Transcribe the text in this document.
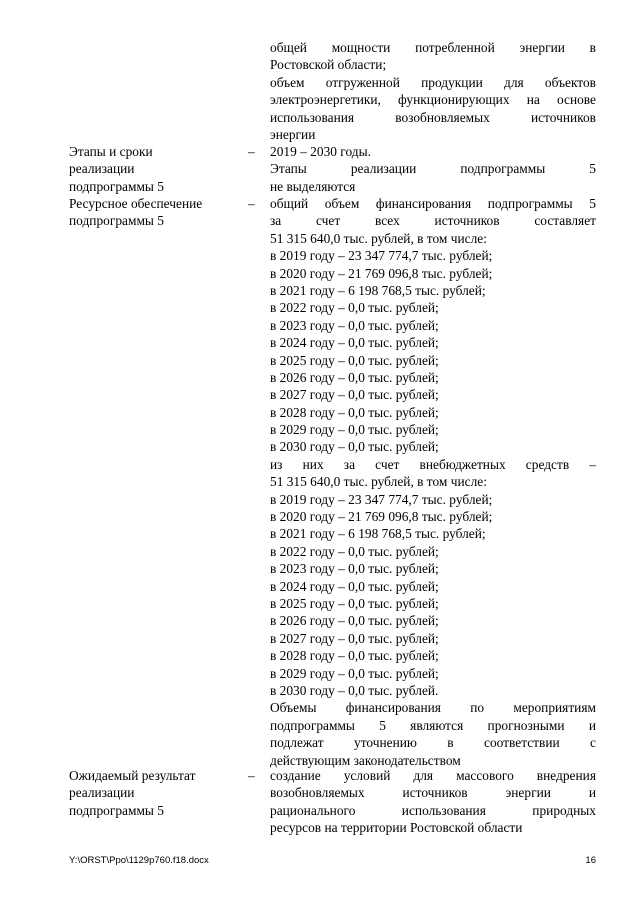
общей мощности потребленной энергии в
Ростовской области;
объем отгруженной продукции для объектов
электроэнергетики, функционирующих на основе
использования возобновляемых источников
энергии
Этапы и сроки
реализации
подпрограммы 5
– 2019 – 2030 годы.
Этапы реализации подпрограммы 5
не выделяются
Ресурсное обеспечение
подпрограммы 5
– общий объем финансирования подпрограммы 5
за счет всех источников составляет
51 315 640,0 тыс. рублей, в том числе:
в 2019 году – 23 347 774,7 тыс. рублей;
в 2020 году – 21 769 096,8 тыс. рублей;
в 2021 году – 6 198 768,5 тыс. рублей;
в 2022 году – 0,0 тыс. рублей;
в 2023 году – 0,0 тыс. рублей;
в 2024 году – 0,0 тыс. рублей;
в 2025 году – 0,0 тыс. рублей;
в 2026 году – 0,0 тыс. рублей;
в 2027 году – 0,0 тыс. рублей;
в 2028 году – 0,0 тыс. рублей;
в 2029 году – 0,0 тыс. рублей;
в 2030 году – 0,0 тыс. рублей;
из них за счет внебюджетных средств –
51 315 640,0 тыс. рублей, в том числе:
в 2019 году – 23 347 774,7 тыс. рублей;
в 2020 году – 21 769 096,8 тыс. рублей;
в 2021 году – 6 198 768,5 тыс. рублей;
в 2022 году – 0,0 тыс. рублей;
в 2023 году – 0,0 тыс. рублей;
в 2024 году – 0,0 тыс. рублей;
в 2025 году – 0,0 тыс. рублей;
в 2026 году – 0,0 тыс. рублей;
в 2027 году – 0,0 тыс. рублей;
в 2028 году – 0,0 тыс. рублей;
в 2029 году – 0,0 тыс. рублей;
в 2030 году – 0,0 тыс. рублей.
Объемы финансирования по мероприятиям
подпрограммы 5 являются прогнозными и
подлежат уточнению в соответствии с
действующим законодательством
Ожидаемый результат
реализации
подпрограммы 5
– создание условий для массового внедрения
возобновляемых источников энергии и
рационального использования природных
ресурсов на территории Ростовской области
Y:\ORST\Ppo\1129p760.f18.docx	16
